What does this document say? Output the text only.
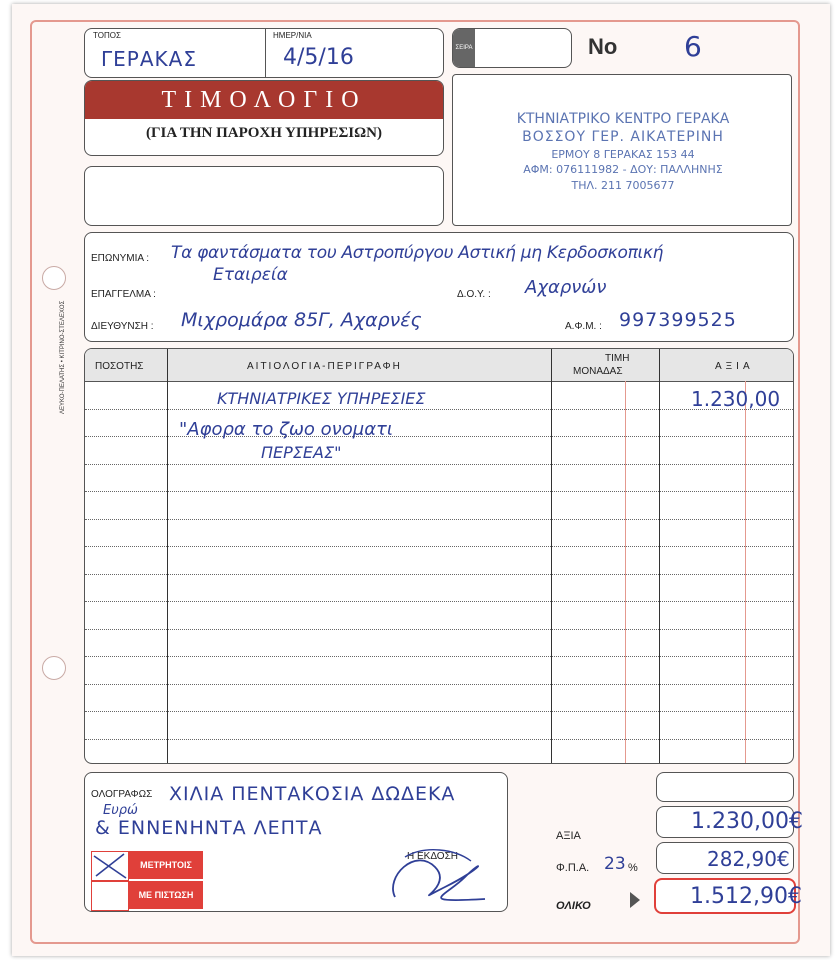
ΛΕΥΚΟ-ΠΕΛΑΤΗΣ • ΚΙΤΡΙΝΟ-ΣΤΕΛΕΧΟΣ
ΤΟΠΟΣ
ΓΕΡΑΚΑΣ
ΗΜΕΡ/ΝΙΑ
4/5/16
ΤΙΜΟΛΟΓΙΟ
(ΓΙΑ ΤΗΝ ΠΑΡΟΧΗ ΥΠΗΡΕΣΙΩΝ)
ΣΕΙΡΑ	No 6
ΚΤΗΝΙΑΤΡΙΚΟ ΚΕΝΤΡΟ ΓΕΡΑΚΑ
ΒΟΣΣΟΥ ΓΕΡ. ΑΙΚΑΤΕΡΙΝΗ
ΕΡΜΟΥ 8 ΓΕΡΑΚΑΣ 153 44
ΑΦΜ: 076111982 - ΔΟΥ: ΠΑΛΛΗΝΗΣ
ΤΗΛ. 211 7005677
ΕΠΩΝΥΜΙΑ : Τα φαντάσματα του Αστροπύργου Αστική μη Κερδοσκοπική
Εταιρεία
ΕΠΑΓΓΕΛΜΑ :	Δ.Ο.Υ. : Αχαρνών
ΔΙΕΥΘΥΝΣΗ : Μιχρομάρα 85Γ, Αχαρνές	Α.Φ.Μ. : 997399525
ΠΟΣΟΤΗΣ	ΑΙΤΙΟΛΟΓΙΑ-ΠΕΡΙΓΡΑΦΗ
ΤΙΜΗ
ΜΟΝΑΔΑΣ	ΑΞΙΑ
ΚΤΗΝΙΑΤΡΙΚΕΣ ΥΠΗΡΕΣΙΕΣ
"Αφορα το ζωο ονοματι
ΠΕΡΣΕΑΣ"
1.230,00
ΟΛΟΓΡΑΦΩΣ ΧΙΛΙΑ ΠΕΝΤΑΚΟΣΙΑ ΔΩΔΕΚΑ
Ευρώ
& ΕΝΝΕΝΗΝΤΑ ΛΕΠΤΑ
ΜΕΤΡΗΤΟΙΣ
ΜΕ ΠΙΣΤΩΣΗ
Η ΕΚΔΟΣΗ
ΑΞΙΑ
1.230,00€
Φ.Π.Α. 23 %	282,90€
ΟΛΙΚΟ	1.512,90€
